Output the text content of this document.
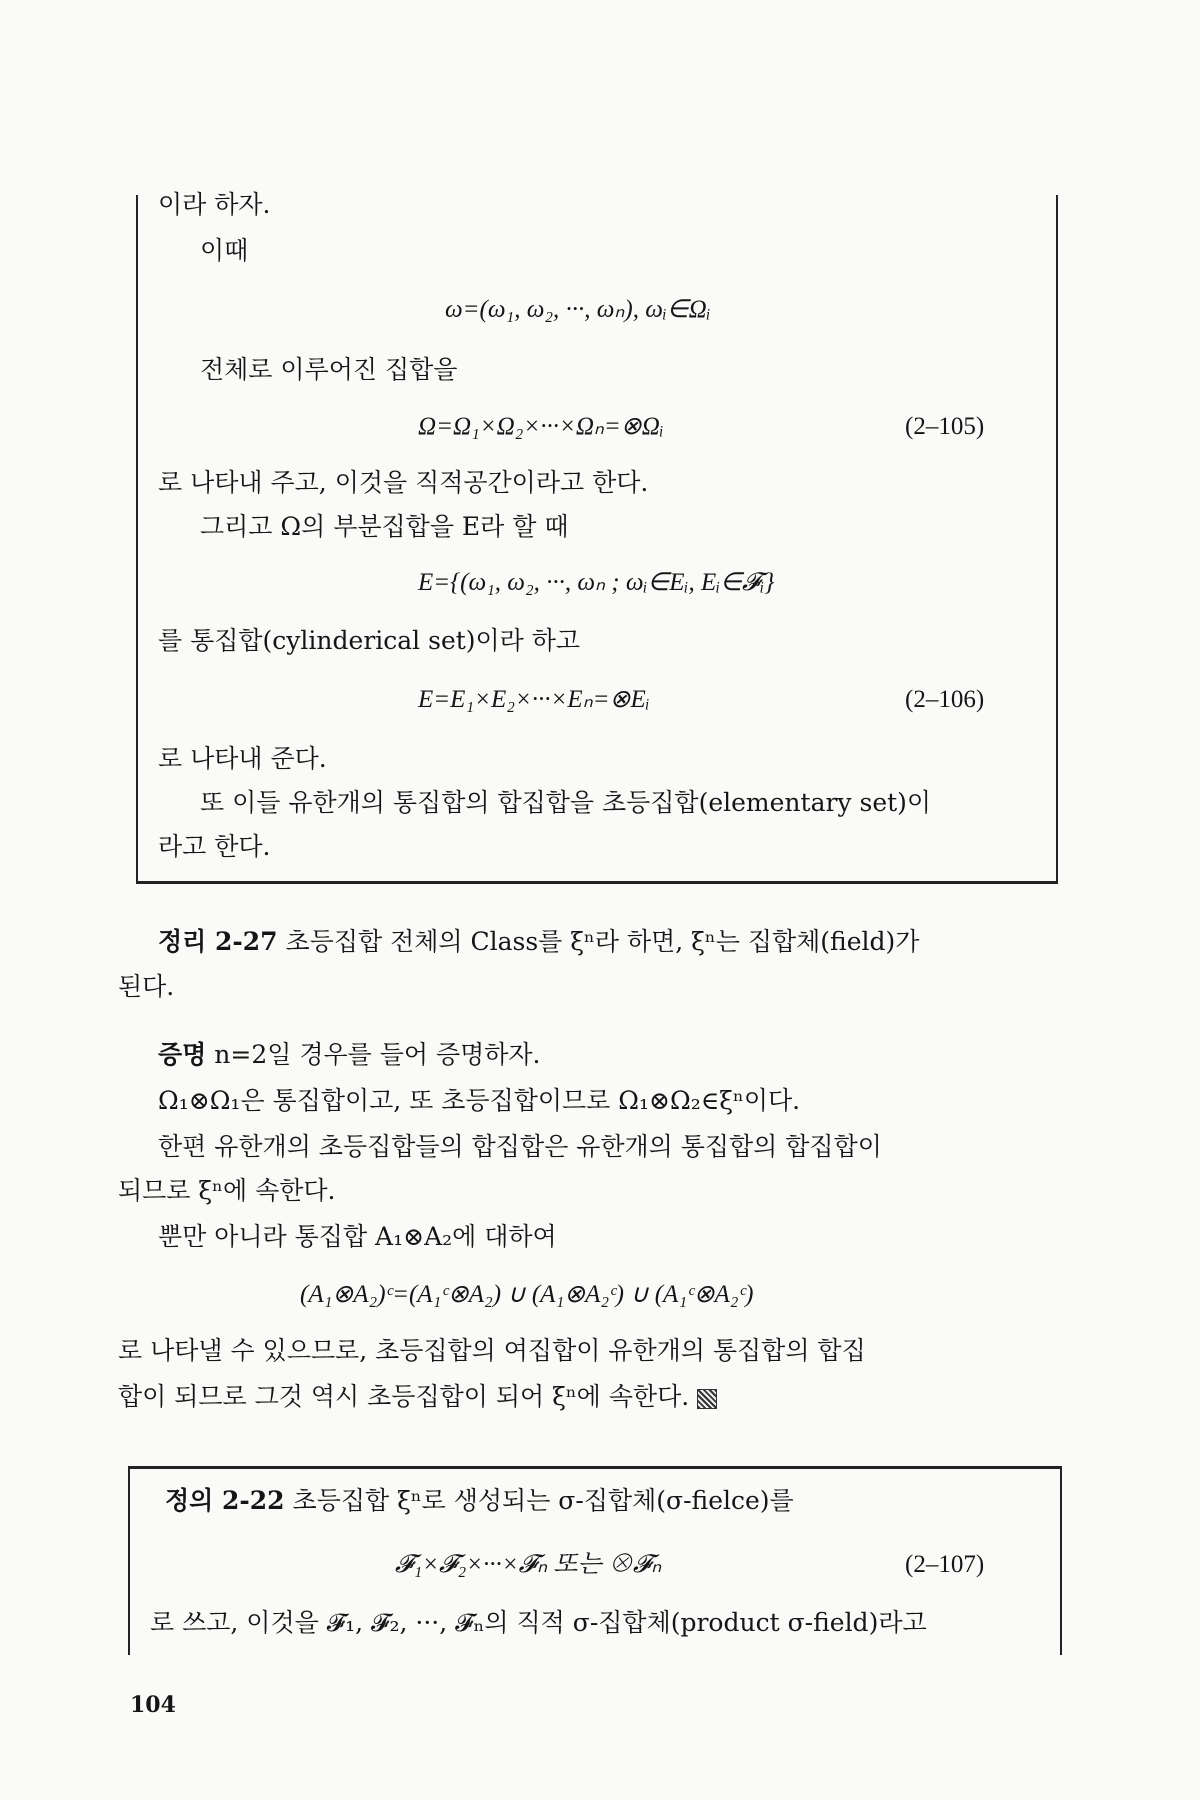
이라 하자.
이때
ω=(ω₁, ω₂, ···, ωₙ), ωᵢ∈Ωᵢ
전체로 이루어진 집합을
Ω=Ω₁×Ω₂×···×Ωₙ=⊗Ωᵢ	(2–105)
로 나타내 주고, 이것을 직적공간이라고 한다.
그리고 Ω의 부분집합을 E라 할 때
E={(ω₁, ω₂, ···, ωₙ ; ωᵢ∈Eᵢ, Eᵢ∈𝓕ᵢ}
를 통집합(cylinderical set)이라 하고
E=E₁×E₂×···×Eₙ=⊗Eᵢ	(2–106)
로 나타내 준다.
또 이들 유한개의 통집합의 합집합을 초등집합(elementary set)이
라고 한다.
정리 2-27 초등집합 전체의 Class를 ξⁿ라 하면, ξⁿ는 집합체(field)가
된다.
증명 n=2일 경우를 들어 증명하자.
Ω₁⊗Ω₁은 통집합이고, 또 초등집합이므로 Ω₁⊗Ω₂∈ξⁿ이다.
한편 유한개의 초등집합들의 합집합은 유한개의 통집합의 합집합이
되므로 ξⁿ에 속한다.
뿐만 아니라 통집합 A₁⊗A₂에 대하여
(A₁⊗A₂)ᶜ=(A₁ᶜ⊗A₂) ∪ (A₁⊗A₂ᶜ) ∪ (A₁ᶜ⊗A₂ᶜ)
로 나타낼 수 있으므로, 초등집합의 여집합이 유한개의 통집합의 합집
합이 되므로 그것 역시 초등집합이 되어 ξⁿ에 속한다.
정의 2-22 초등집합 ξⁿ로 생성되는 σ-집합체(σ-fielce)를
𝓕₁×𝓕₂×···×𝓕ₙ 또는 ⊗𝓕ₙ	(2–107)
로 쓰고, 이것을 𝓕₁, 𝓕₂, ···, 𝓕ₙ의 직적 σ-집합체(product σ-field)라고
104
